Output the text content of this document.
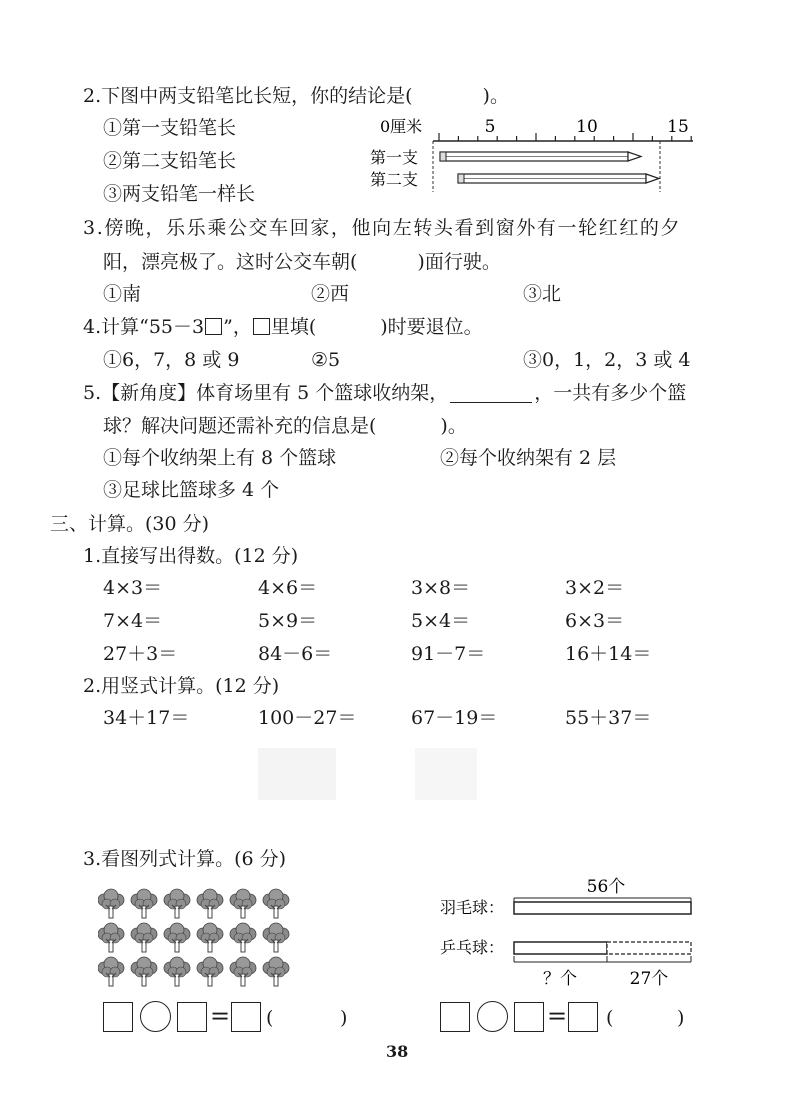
2.下图中两支铅笔比长短，你的结论是(	)。
①第一支铅笔长
②第二支铅笔长
③两支铅笔一样长
0厘米	5	10	15
第一支
第二支
3.傍晚，乐乐乘公交车回家，他向左转头看到窗外有一轮红红的夕
阳，漂亮极了。这时公交车朝(	)面行驶。
①南	②西	③北
4.计算“55－3 ”， 里填(	)时要退位。
①6，7，8 或 9	②5	③0，1，2，3 或 4
5.【新角度】体育场里有 5 个篮球收纳架，	，一共有多少个篮
球？解决问题还需补充的信息是(	)。
①每个收纳架上有 8 个篮球	②每个收纳架有 2 层
③足球比篮球多 4 个
三、计算。(30 分)
1.直接写出得数。(12 分)
4×3＝	4×6＝	3×8＝	3×2＝
7×4＝	5×9＝	5×4＝	6×3＝
27＋3＝	84－6＝	91－7＝	16＋14＝
2.用竖式计算。(12 分)
34＋17＝	100－27＝	67－19＝	55＋37＝
3.看图列式计算。(6 分)
= (	)
56个
羽毛球：
乒乓球：
？个	27个
= (	)
38
